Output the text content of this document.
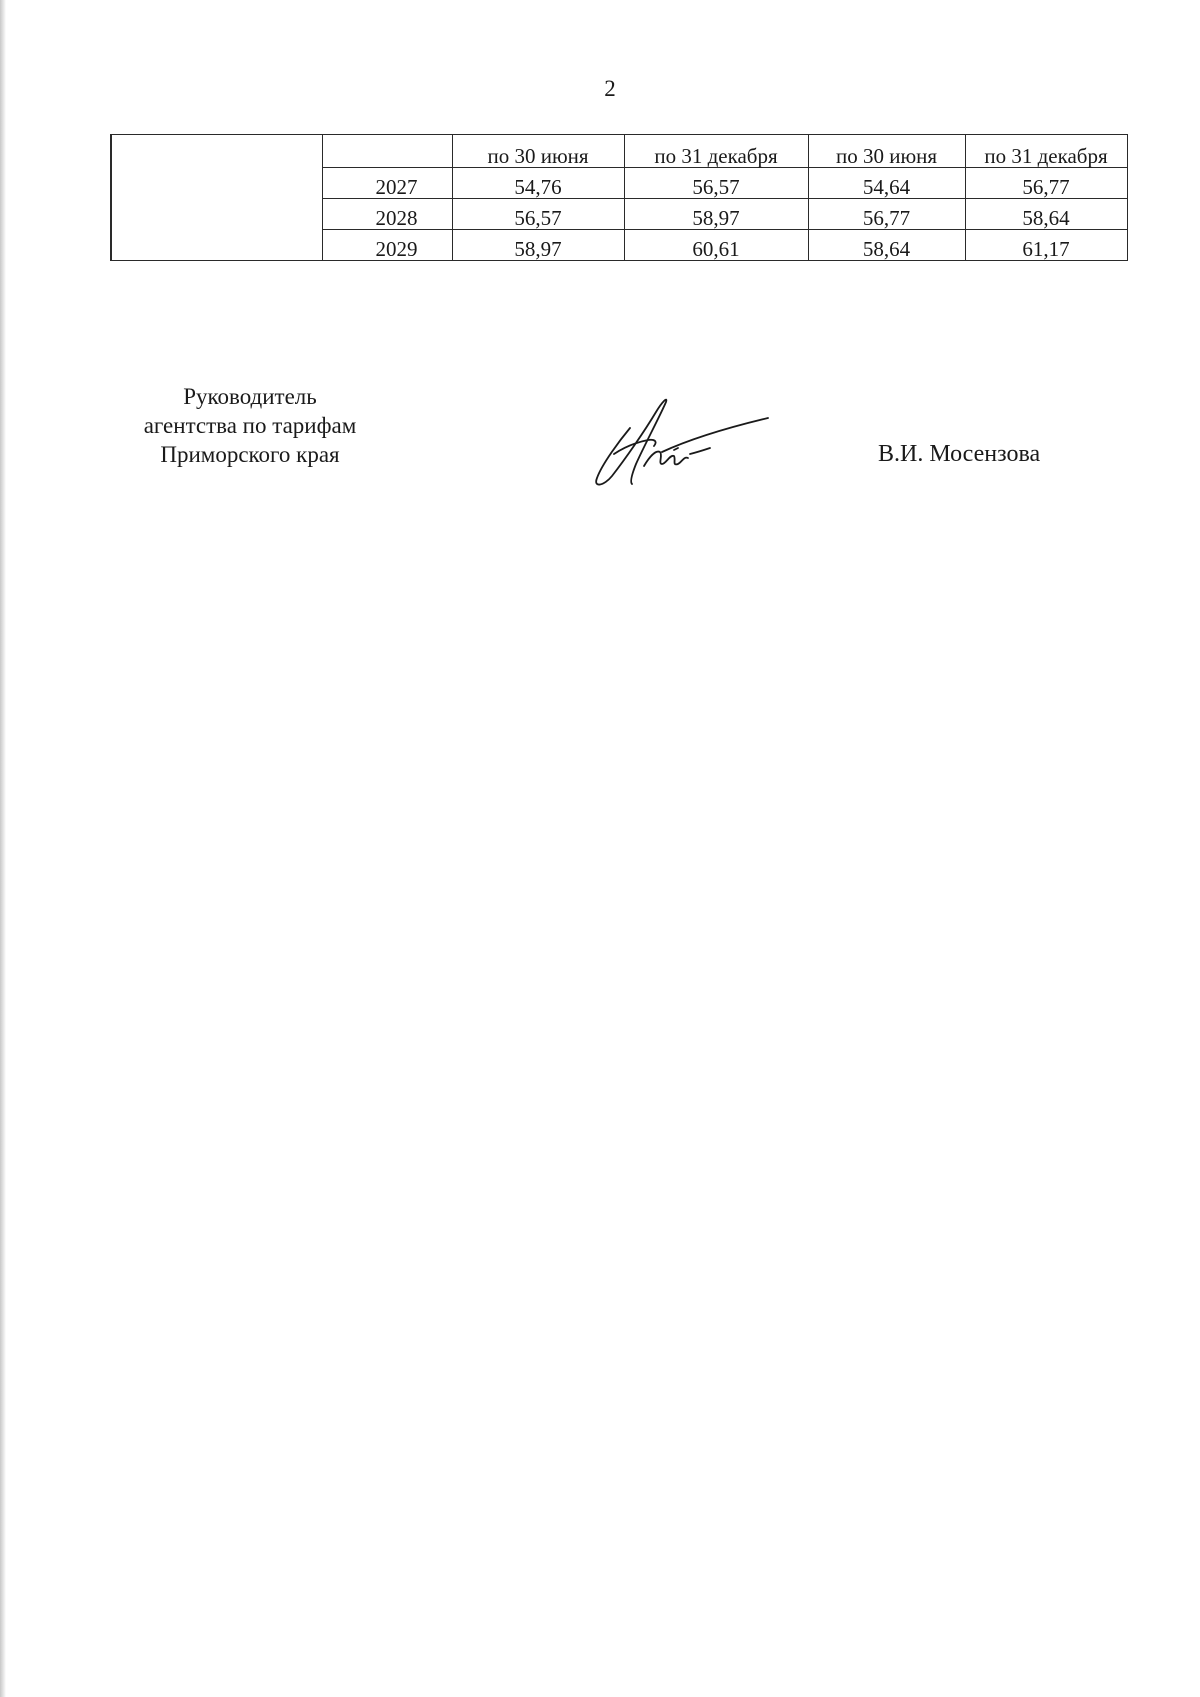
2
		по 30 июня	по 31 декабря	по 30 июня	по 31 декабря
	2027	54,76	56,57	54,64	56,77
	2028	56,57	58,97	56,77	58,64
	2029	58,97	60,61	58,64	61,17
Руководитель
агентства по тарифам
Приморского края	В.И. Мосензова
